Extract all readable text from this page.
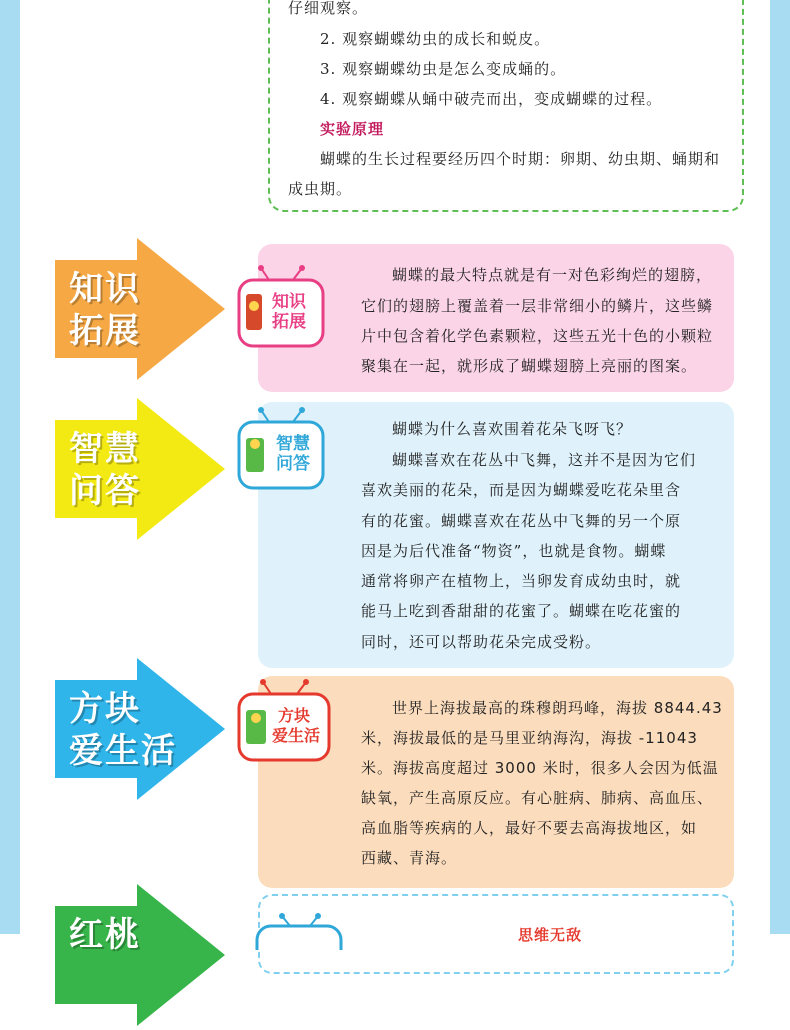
仔细观察。
2. 观察蝴蝶幼虫的成长和蜕皮。
3. 观察蝴蝶幼虫是怎么变成蛹的。
4. 观察蝴蝶从蛹中破壳而出，变成蝴蝶的过程。
实验原理
蝴蝶的生长过程要经历四个时期：卵期、幼虫期、蛹期和
成虫期。
知识
拓展
知识
拓展
蝴蝶的最大特点就是有一对色彩绚烂的翅膀，
它们的翅膀上覆盖着一层非常细小的鳞片，这些鳞
片中包含着化学色素颗粒，这些五光十色的小颗粒
聚集在一起，就形成了蝴蝶翅膀上亮丽的图案。
智慧
问答
智慧
问答
蝴蝶为什么喜欢围着花朵飞呀飞？
蝴蝶喜欢在花丛中飞舞，这并不是因为它们
喜欢美丽的花朵，而是因为蝴蝶爱吃花朵里含
有的花蜜。蝴蝶喜欢在花丛中飞舞的另一个原
因是为后代准备“物资”，也就是食物。蝴蝶
通常将卵产在植物上，当卵发育成幼虫时，就
能马上吃到香甜甜的花蜜了。蝴蝶在吃花蜜的
同时，还可以帮助花朵完成受粉。
方块
爱生活
方块
爱生活
世界上海拔最高的珠穆朗玛峰，海拔 8844.43
米，海拔最低的是马里亚纳海沟，海拔 -11043
米。海拔高度超过 3000 米时，很多人会因为低温
缺氧，产生高原反应。有心脏病、肺病、高血压、
高血脂等疾病的人，最好不要去高海拔地区，如
西藏、青海。
红桃	思维无敌
